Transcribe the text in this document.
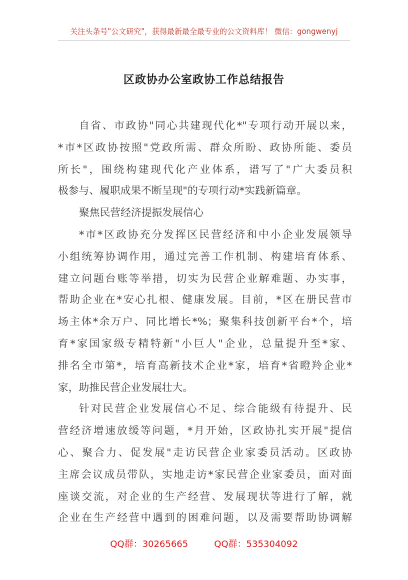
关注头条号"公文研究"，获得最新最全最专业的公文资料库！ 微信：gongwenyj
区政协办公室政协工作总结报告
自省、市政协"同心共建现代化*"专项行动开展以来，
*市*区政协按照"党政所需、群众所盼、政协所能、委员
所长"，围绕构建现代化产业体系，谱写了"广大委员积
极参与、履职成果不断呈现"的专项行动*实践新篇章。
聚焦民营经济提振发展信心
*市*区政协充分发挥区民营经济和中小企业发展领导
小组统筹协调作用，通过完善工作机制、构建培育体系、
建立问题台账等举措，切实为民营企业解难题、办实事，
帮助企业在*安心扎根、健康发展。目前，*区在册民营市
场主体*余万户、同比增长*%；聚集科技创新平台*个，培
育*家国家级专精特新"小巨人"企业，总量提升至*家、
排名全市第*，培育高新技术企业*家，培育*省瞪羚企业*
家，助推民营企业发展壮大。
针对民营企业发展信心不足、综合能级有待提升、民
营经济增速放缓等问题，*月开始，区政协扎实开展"提信
心、聚合力、促发展"走访民营企业家委员活动。区政协
主席会议成员带队，实地走访*家民营企业家委员，面对面
座谈交流，对企业的生产经营、发展现状等进行了解，就
企业在生产经营中遇到的困难问题，以及需要帮助协调解
QQ群：30265665	QQ群：535304092
